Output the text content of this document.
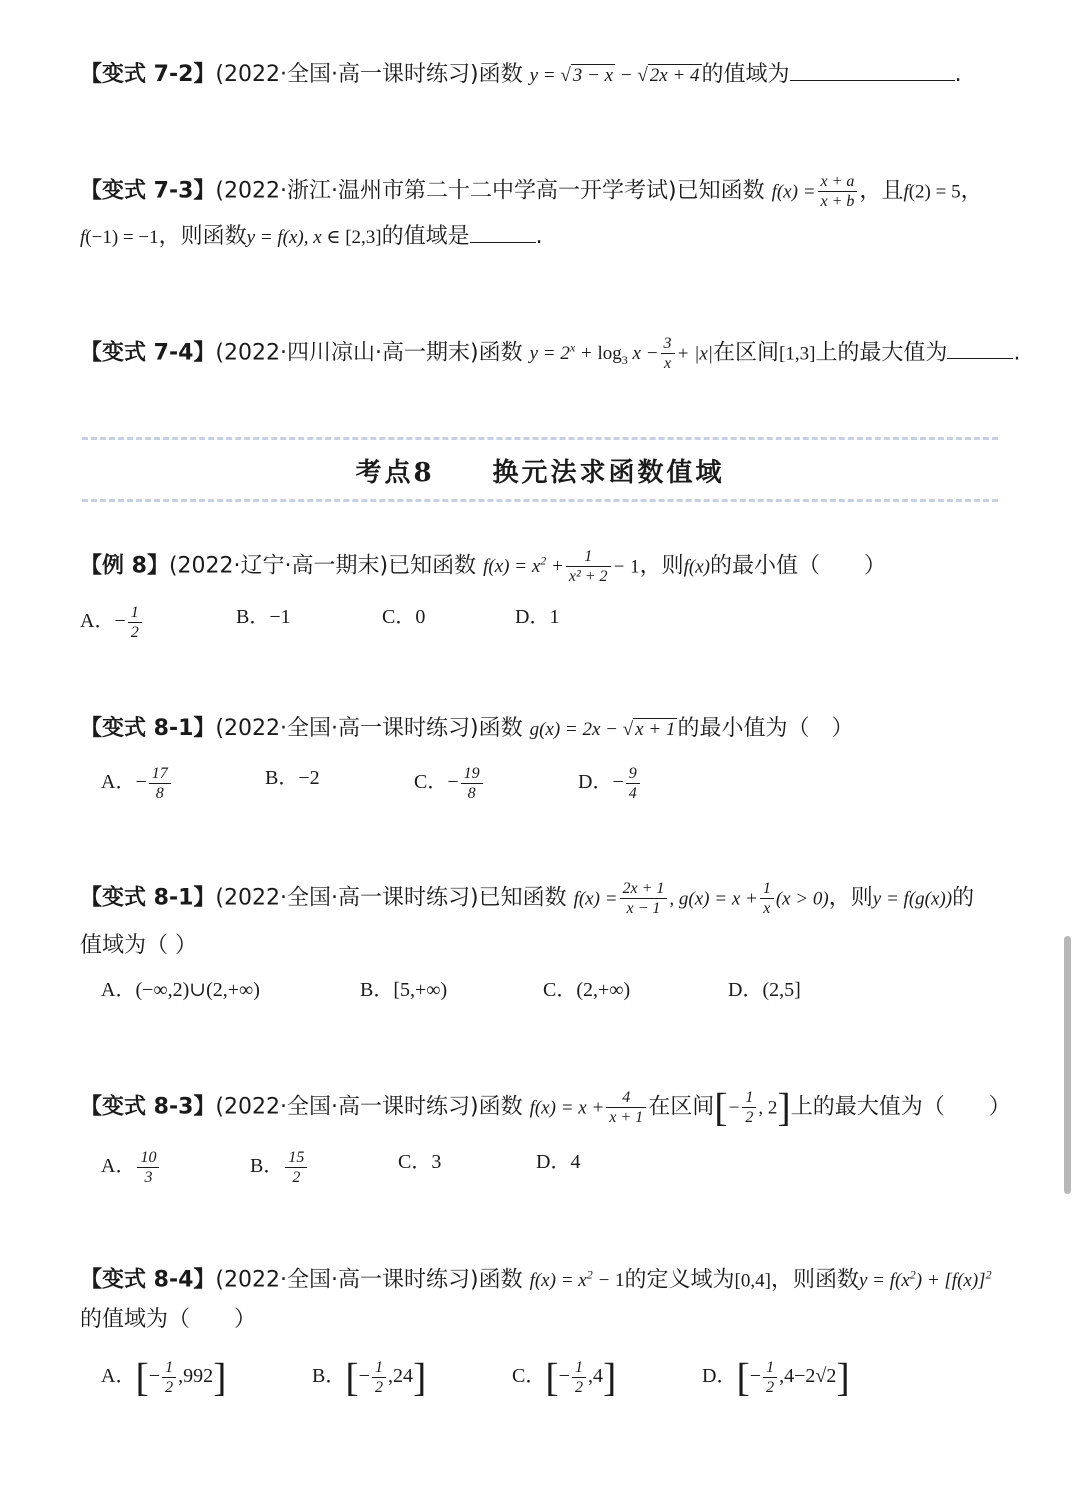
【变式 7-2】(2022·全国·高一课时练习)函数 y = √ 3 − x − √ 2x + 4的值域为	.
【变式 7-3】(2022·浙江·温州市第二十二中学高一开学考试)已知函数 $f(x) = \frac{x + a}{x + b}$ ，且f(2) = 5，
f(−1) = −1，则函数y = f(x), x ∈ [2,3]的值域是	.
【变式 7-4】(2022·四川凉山·高一期末)函数 $y = 2^x + \log_3 x - \frac{3}{x} + |x|$在区间[1,3]上的最大值为	.
考点8　　换元法求函数值域
【例 8】(2022·辽宁·高一期末)已知函数 $f(x) = x^2 + \frac{1}{\text{x² + 2}} - 1$，则f(x)的最小值（　　）
A．− $\frac{1}{2}$	B．−1	C．0	D．1
【变式 8-1】(2022·全国·高一课时练习)函数 g(x) = 2x − √ x + 1的最小值为（　）
A．− $\frac{17}{8}$	B．−2	C．− $\frac{19}{8}$	D．− $\frac{9}{4}$
【变式 8-1】(2022·全国·高一课时练习)已知函数 $f(x) = \frac{2x + 1}{x - 1}$ , $g(x) = x + \frac{1}{x} (x > 0)$，则y = f(g(x))的
值域为（ ）
A．(−∞,2)∪(2,+∞)	B．[5,+∞)	C．(2,+∞)	D．(2,5]
【变式 8-3】(2022·全国·高一课时练习)函数 $f(x) = x + \frac{4}{x + 1}$ 在区间[− $\frac{1}{2}$ , 2]上的最大值为（　　）
A． $\frac{10}{3}$	B． $\frac{15}{2}$	C．3	D．4
【变式 8-4】(2022·全国·高一课时练习)函数 $f(x) = x^2 - 1$的定义域为[0,4]，则函数$y = f(x^2) + [f(x)]^2$
的值域为（　　）
A．[− $\frac{1}{2} ,992$]	B．[− $\frac{1}{2} ,24$]	C．[− $\frac{1}{2} ,4$]	D．[− $\frac{1}{2} ,4-2√2$]
